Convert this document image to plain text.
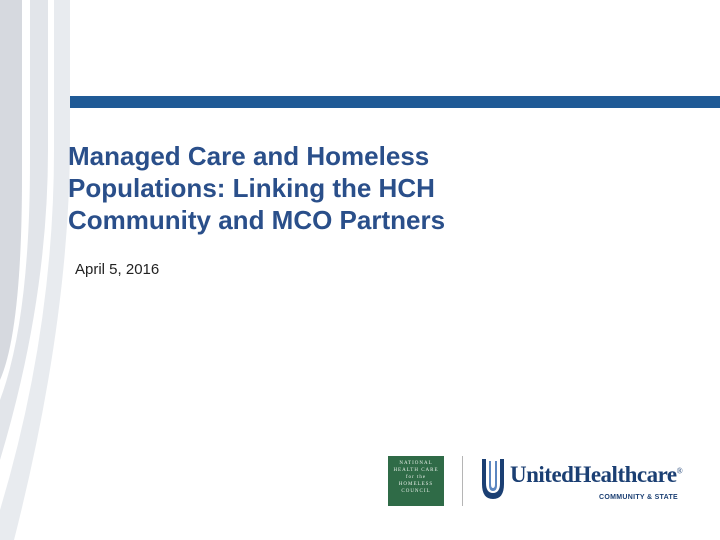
Managed Care and Homeless
Populations: Linking the HCH
Community and MCO Partners
April 5, 2016
NATIONAL
HEALTH CARE
for the
HOMELESS
COUNCIL
UnitedHealthcare®
COMMUNITY & STATE
